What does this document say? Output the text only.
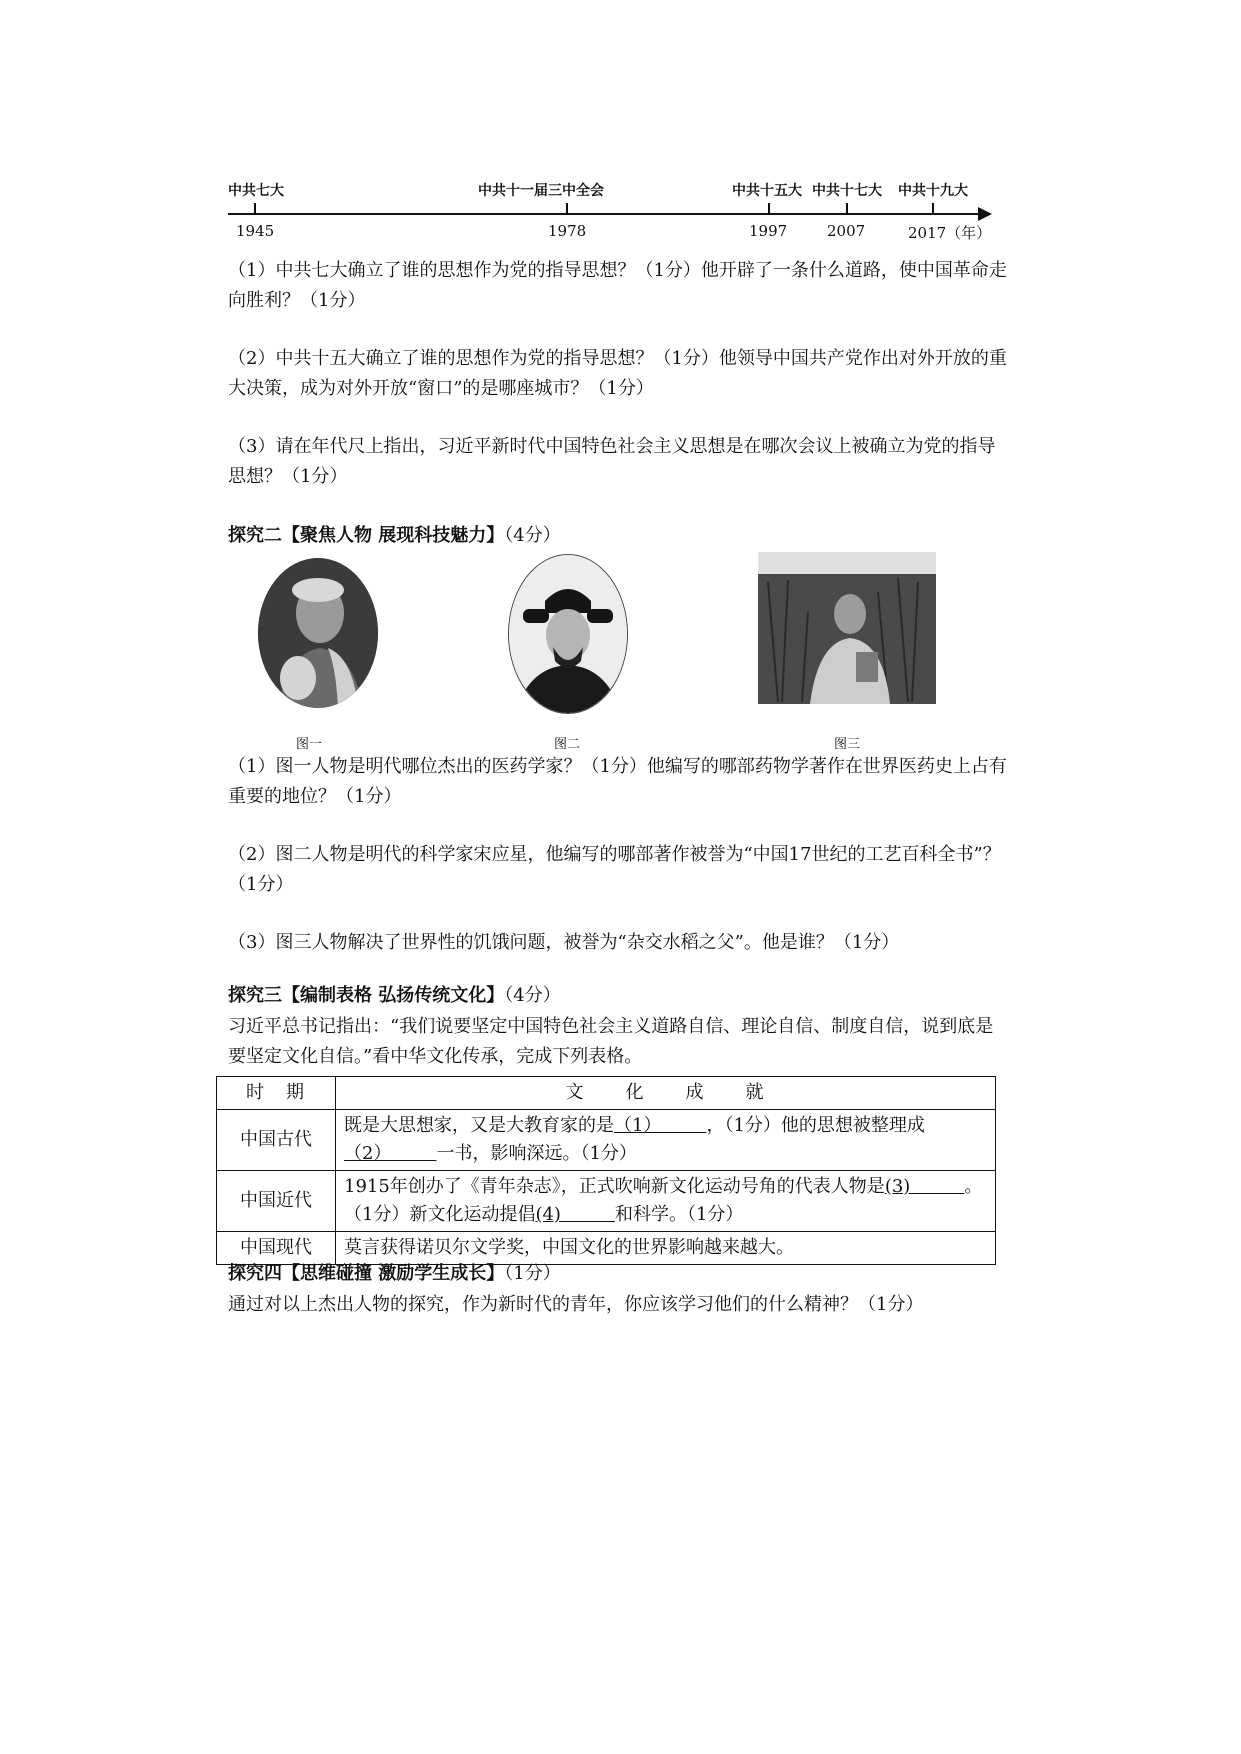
中共七大	中共十一届三中全会	中共十五大 中共十七大 中共十九大
1945	1978	1997	2007	2017（年）
（1）中共七大确立了谁的思想作为党的指导思想？（1分）他开辟了一条什么道路，使中国革命走向胜利？（1分）
（2）中共十五大确立了谁的思想作为党的指导思想？（1分）他领导中国共产党作出对外开放的重大决策，成为对外开放“窗口”的是哪座城市？（1分）
（3）请在年代尺上指出，习近平新时代中国特色社会主义思想是在哪次会议上被确立为党的指导思想？（1分）
探究二【聚焦人物 展现科技魅力】（4分）
图一	图二	图三
（1）图一人物是明代哪位杰出的医药学家？（1分）他编写的哪部药物学著作在世界医药史上占有重要的地位？（1分）
（2）图二人物是明代的科学家宋应星，他编写的哪部著作被誉为“中国17世纪的工艺百科全书”？（1分）
（3）图三人物解决了世界性的饥饿问题，被誉为“杂交水稻之父”。他是谁？（1分）
探究三【编制表格 弘扬传统文化】（4分）
习近平总书记指出：“我们说要坚定中国特色社会主义道路自信、理论自信、制度自信，说到底是要坚定文化自信。”看中华文化传承，完成下列表格。
时　期	文　　化　　成　　就
中国古代	既是大思想家，又是大教育家的是（1）　　　，（1分）他的思想被整理成（2）　　　一书，影响深远。（1分）
中国近代	1915年创办了《青年杂志》，正式吹响新文化运动号角的代表人物是(3)　　　。（1分）新文化运动提倡(4)　　　和科学。（1分）
中国现代	莫言获得诺贝尔文学奖，中国文化的世界影响越来越大。
探究四【思维碰撞 激励学生成长】（1分）
通过对以上杰出人物的探究，作为新时代的青年，你应该学习他们的什么精神？（1分）
